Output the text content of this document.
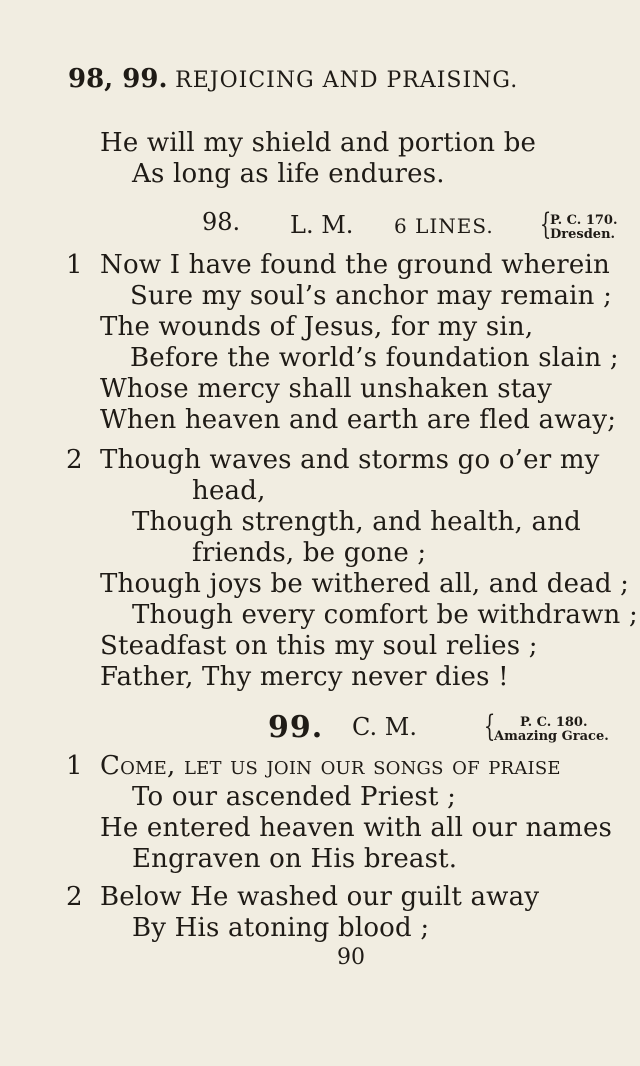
98, 99. REJOICING AND PRAISING.
He will my shield and portion be
As long as life endures.
98. L. M. 6 LINES. {
P. C. 170.
Dresden.
1 Now I have found the ground wherein
Sure my soul’s anchor may remain ;
The wounds of Jesus, for my sin,
Before the world’s foundation slain ;
Whose mercy shall unshaken stay
When heaven and earth are fled away;
2 Though waves and storms go o’er my
head,
Though strength, and health, and
friends, be gone ;
Though joys be withered all, and dead ;
Though every comfort be withdrawn ;
Steadfast on this my soul relies ;
Father, Thy mercy never dies !
99. C. M. { P. C. 180.
Amazing Grace.
1 Come, let us join our songs of praise
To our ascended Priest ;
He entered heaven with all our names
Engraven on His breast.
2 Below He washed our guilt away
By His atoning blood ;
90
